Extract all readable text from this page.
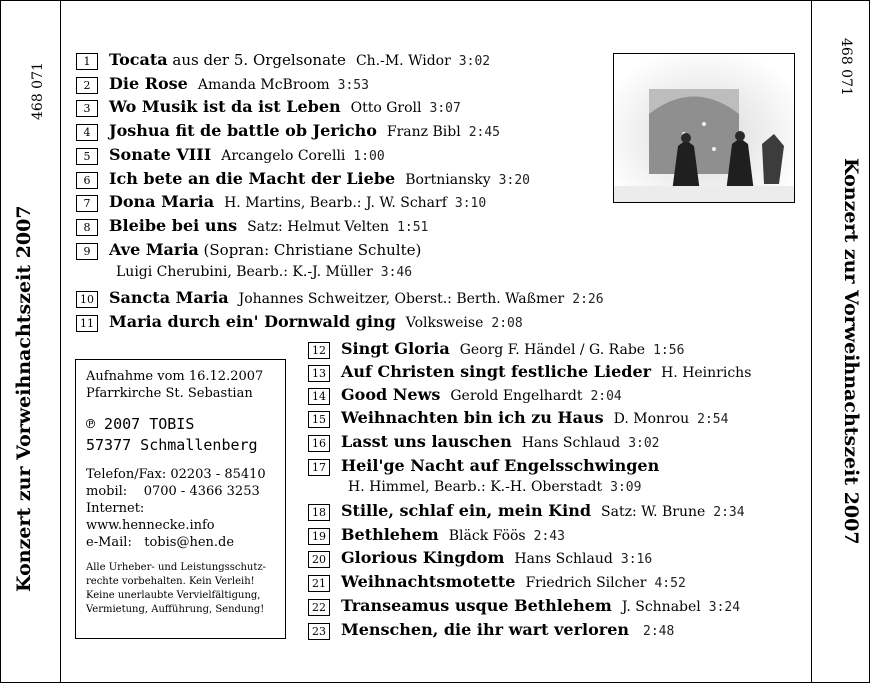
468 071
Konzert zur Vorweihnachtszeit 2007
468 071
Konzert zur Vorweihnachtszeit 2007
1 Tocata aus der 5. Orgelsonate Ch.-M. Widor 3:02
2 Die Rose Amanda McBroom 3:53
3 Wo Musik ist da ist Leben Otto Groll 3:07
4 Joshua fit de battle ob Jericho Franz Bibl 2:45
5 Sonate VIII Arcangelo Corelli 1:00
6 Ich bete an die Macht der Liebe Bortniansky 3:20
7 Dona Maria H. Martins, Bearb.: J. W. Scharf 3:10
8 Bleibe bei uns Satz: Helmut Velten 1:51
9 Ave Maria (Sopran: Christiane Schulte)
Luigi Cherubini, Bearb.: K.-J. Müller 3:46
10 Sancta Maria Johannes Schweitzer, Oberst.: Berth. Waßmer 2:26
11 Maria durch ein' Dornwald ging Volksweise 2:08
12 Singt Gloria Georg F. Händel / G. Rabe 1:56
13 Auf Christen singt festliche Lieder H. Heinrichs
14 Good News Gerold Engelhardt 2:04
15 Weihnachten bin ich zu Haus D. Monrou 2:54
16 Lasst uns lauschen Hans Schlaud 3:02
17 Heil'ge Nacht auf Engelsschwingen
H. Himmel, Bearb.: K.-H. Oberstadt 3:09
18 Stille, schlaf ein, mein Kind Satz: W. Brune 2:34
19 Bethlehem Bläck Föös 2:43
20 Glorious Kingdom Hans Schlaud 3:16
21 Weihnachtsmotette Friedrich Silcher 4:52
22 Transeamus usque Bethlehem J. Schnabel 3:24
23 Menschen, die ihr wart verloren 2:48
Aufnahme vom 16.12.2007
Pfarrkirche St. Sebastian
℗ 2007 TOBIS
57377 Schmallenberg
Telefon/Fax: 02203 - 85410
mobil:    0700 - 4366 3253
Internet: www.hennecke.info
e-Mail:   tobis@hen.de
Alle Urheber- und Leistungsschutz-
rechte vorbehalten. Kein Verleih!
Keine unerlaubte Vervielfältigung,
Vermietung, Aufführung, Sendung!
